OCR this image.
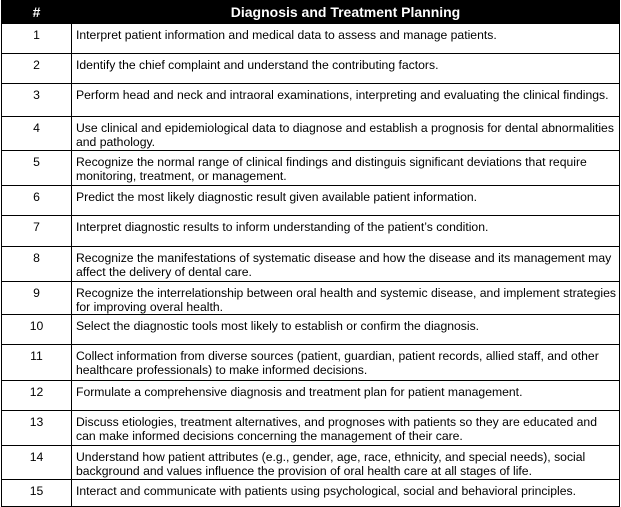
#	Diagnosis and Treatment Planning
1	Interpret patient information and medical data to assess and manage patients.
2	Identify the chief complaint and understand the contributing factors.
3	Perform head and neck and intraoral examinations, interpreting and evaluating the clinical findings.
4	Use clinical and epidemiological data to diagnose and establish a prognosis for dental abnormalities and pathology.
5	Recognize the normal range of clinical findings and distinguis significant deviations that require monitoring, treatment, or management.
6	Predict the most likely diagnostic result given available patient information.
7	Interpret diagnostic results to inform understanding of the patient’s condition.
8	Recognize the manifestations of systematic disease and how the disease and its management may affect the delivery of dental care.
9	Recognize the interrelationship between oral health and systemic disease, and implement strategies for improving overal health.
10	Select the diagnostic tools most likely to establish or confirm the diagnosis.
11	Collect information from diverse sources (patient, guardian, patient records, allied staff, and other healthcare professionals) to make informed decisions.
12	Formulate a comprehensive diagnosis and treatment plan for patient management.
13	Discuss etiologies, treatment alternatives, and prognoses with patients so they are educated and can make informed decisions concerning the management of their care.
14	Understand how patient attributes (e.g., gender, age, race, ethnicity, and special needs), social background and values influence the provision of oral health care at all stages of life.
15	Interact and communicate with patients using psychological, social and behavioral principles.
